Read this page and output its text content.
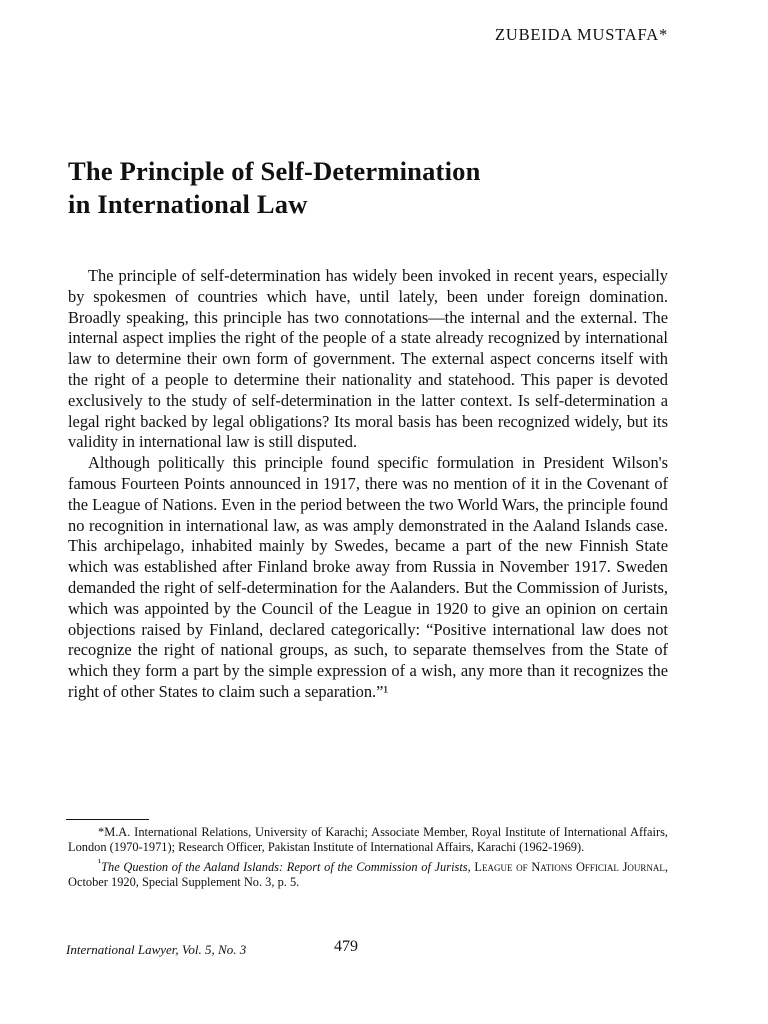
ZUBEIDA MUSTAFA*
The Principle of Self-Determination
in International Law

The principle of self-determination has widely been invoked in recent years, especially by spokesmen of countries which have, until lately, been under foreign domination. Broadly speaking, this principle has two connotations—the internal and the external. The internal aspect implies the right of the people of a state already recognized by international law to determine their own form of government. The external aspect concerns itself with the right of a people to determine their nationality and statehood. This paper is devoted exclusively to the study of self-determination in the latter context. Is self-determination a legal right backed by legal obligations? Its moral basis has been recognized widely, but its validity in international law is still disputed.

Although politically this principle found specific formulation in President Wilson's famous Fourteen Points announced in 1917, there was no mention of it in the Covenant of the League of Nations. Even in the period between the two World Wars, the principle found no recognition in international law, as was amply demonstrated in the Aaland Islands case. This archipelago, inhabited mainly by Swedes, became a part of the new Finnish State which was established after Finland broke away from Russia in November 1917. Sweden demanded the right of self-determination for the Aalanders. But the Commission of Jurists, which was appointed by the Council of the League in 1920 to give an opinion on certain objections raised by Finland, declared categorically: “Positive international law does not recognize the right of national groups, as such, to separate themselves from the State of which they form a part by the simple expression of a wish, any more than it recognizes the right of other States to claim such a separation.”¹

*M.A. International Relations, University of Karachi; Associate Member, Royal Institute of International Affairs, London (1970-1971); Research Officer, Pakistan Institute of International Affairs, Karachi (1962-1969).

$^{^1}$The Question of the Aaland Islands: Report of the Commission of Jurists, League of Nations Official Journal, October 1920, Special Supplement No. 3, p. 5.

International Lawyer, Vol. 5, No. 3	479
